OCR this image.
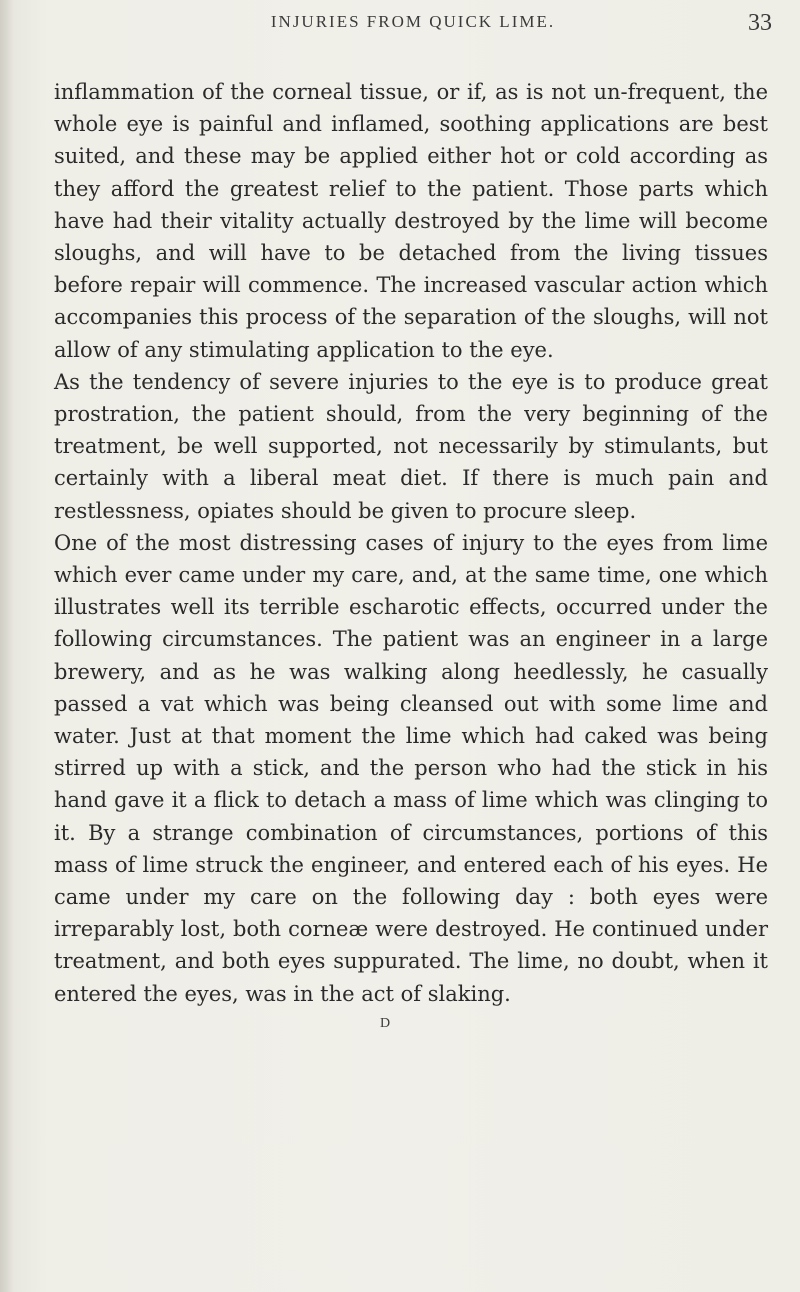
INJURIES FROM QUICK LIME.	33

inflammation of the corneal tissue, or if, as is not un-frequent, the whole eye is painful and inflamed, soothing applications are best suited, and these may be applied either hot or cold according as they afford the greatest relief to the patient. Those parts which have had their vitality actually destroyed by the lime will become sloughs, and will have to be detached from the living tissues before repair will commence. The increased vascular action which accompanies this process of the separation of the sloughs, will not allow of any stimulating application to the eye.

As the tendency of severe injuries to the eye is to produce great prostration, the patient should, from the very beginning of the treatment, be well supported, not necessarily by stimulants, but certainly with a liberal meat diet. If there is much pain and restlessness, opiates should be given to procure sleep.

One of the most distressing cases of injury to the eyes from lime which ever came under my care, and, at the same time, one which illustrates well its terrible escharotic effects, occurred under the following circumstances. The patient was an engineer in a large brewery, and as he was walking along heedlessly, he casually passed a vat which was being cleansed out with some lime and water. Just at that moment the lime which had caked was being stirred up with a stick, and the person who had the stick in his hand gave it a flick to detach a mass of lime which was clinging to it. By a strange combination of circumstances, portions of this mass of lime struck the engineer, and entered each of his eyes. He came under my care on the following day : both eyes were irreparably lost, both corneæ were destroyed. He continued under treatment, and both eyes suppurated. The lime, no doubt, when it entered the eyes, was in the act of slaking.

D
